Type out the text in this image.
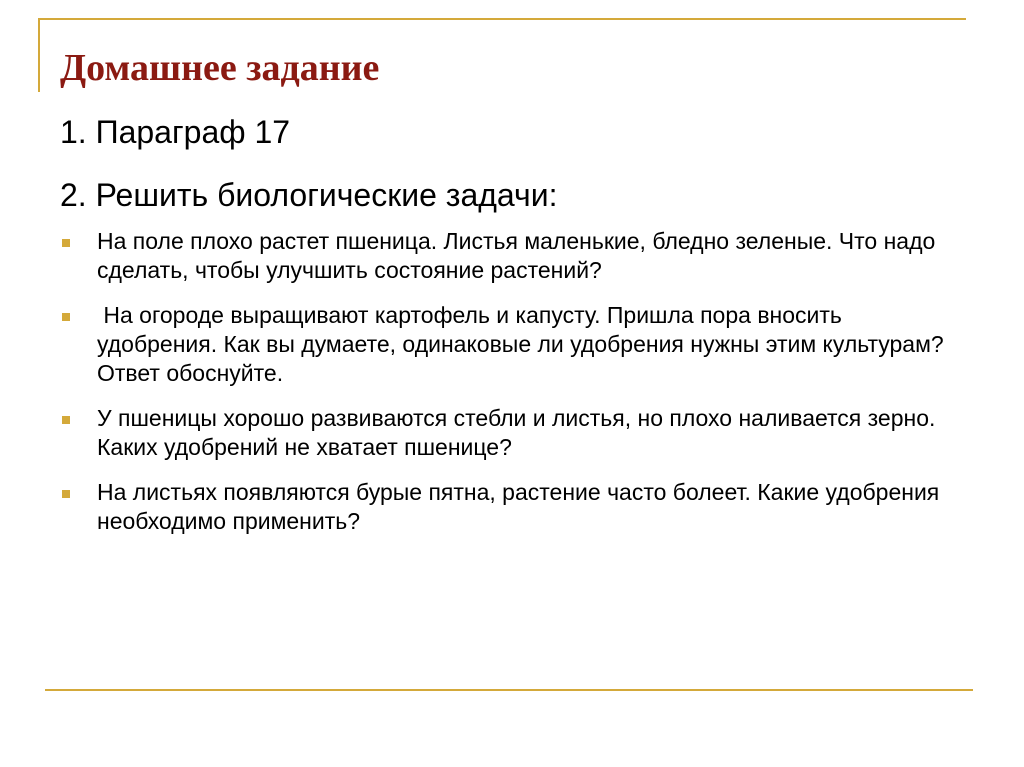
Домашнее задание

1. Параграф 17

2. Решить биологические задачи:

На поле плохо растет пшеница. Листья маленькие, бледно зеленые. Что надо сделать, чтобы улучшить состояние растений?
На огороде выращивают картофель и капусту. Пришла пора вносить удобрения. Как вы думаете, одинаковые ли удобрения нужны этим культурам? Ответ обоснуйте.
У пшеницы хорошо развиваются стебли и листья, но плохо наливается зерно. Каких удобрений не хватает пшенице?
На листьях появляются бурые пятна, растение часто болеет. Какие удобрения необходимо применить?
